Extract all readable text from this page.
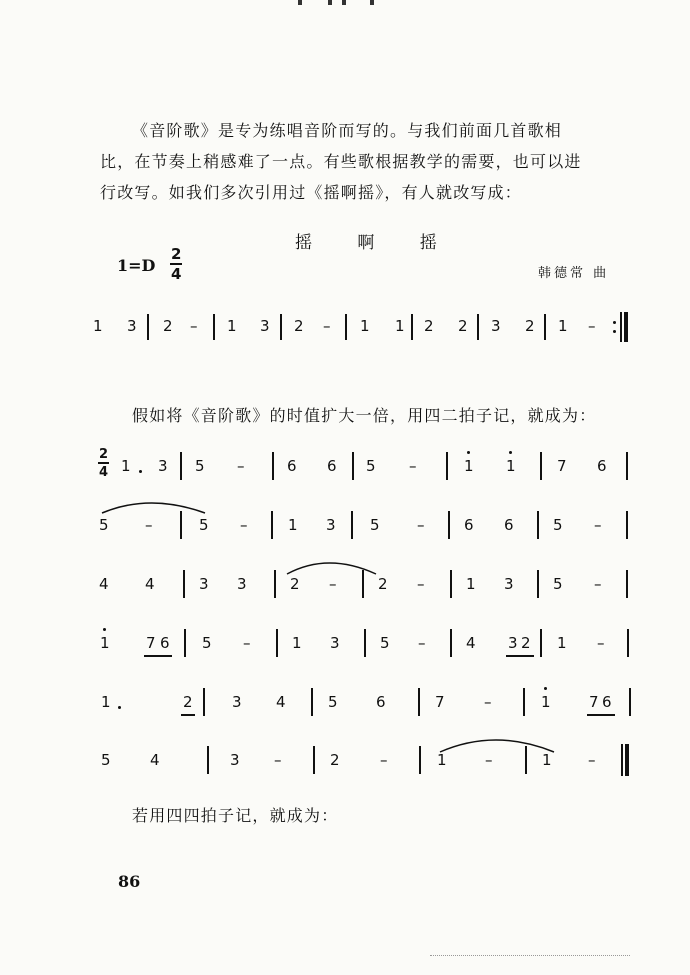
《音阶歌》是专为练唱音阶而写的。与我们前面几首歌相
比，在节奏上稍感难了一点。有些歌根据教学的需要，也可以进
行改写。如我们多次引用过《摇啊摇》，有人就改写成：
摇 啊 摇
$1=D \frac{2}{4}$	韩德常 曲
1 3 2 – 1 3 2 – 1 1 2 2 3 2 1 –
假如将《音阶歌》的时值扩大一倍，用四二拍子记，就成为：
$\frac{2}{4} 1$ 3 5 –	6 6 5 –	1 1	7 6
5 –	5 –	1 3 5 –	6 6	5 –
4 4	3 3	2 –	2 –	1 3	5 –
1 7 6 5 –	1 3	5 –	4 3 2 1 –
1	2	3 4	5	6	7	–	1	7 6
5	4	3 –	2	–	1	–	1 –
若用四四拍子记，就成为：
86
